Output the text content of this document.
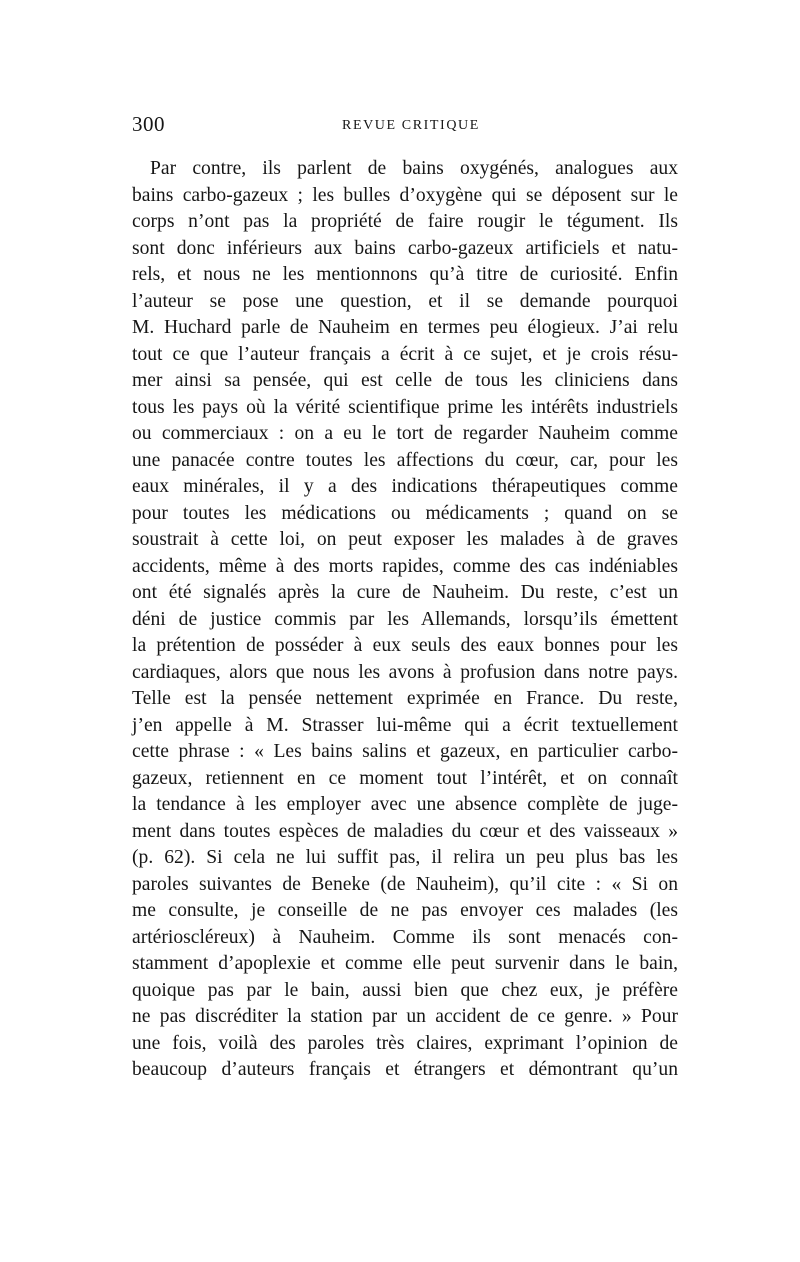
300	REVUE CRITIQUE
Par contre, ils parlent de bains oxygénés, analogues aux
bains carbo-gazeux ; les bulles d’oxygène qui se déposent sur le
corps n’ont pas la propriété de faire rougir le tégument. Ils
sont donc inférieurs aux bains carbo-gazeux artificiels et natu-
rels, et nous ne les mentionnons qu’à titre de curiosité. Enfin
l’auteur se pose une question, et il se demande pourquoi
M. Huchard parle de Nauheim en termes peu élogieux. J’ai relu
tout ce que l’auteur français a écrit à ce sujet, et je crois résu-
mer ainsi sa pensée, qui est celle de tous les cliniciens dans
tous les pays où la vérité scientifique prime les intérêts industriels
ou commerciaux : on a eu le tort de regarder Nauheim comme
une panacée contre toutes les affections du cœur, car, pour les
eaux minérales, il y a des indications thérapeutiques comme
pour toutes les médications ou médicaments ; quand on se
soustrait à cette loi, on peut exposer les malades à de graves
accidents, même à des morts rapides, comme des cas indéniables
ont été signalés après la cure de Nauheim. Du reste, c’est un
déni de justice commis par les Allemands, lorsqu’ils émettent
la prétention de posséder à eux seuls des eaux bonnes pour les
cardiaques, alors que nous les avons à profusion dans notre pays.
Telle est la pensée nettement exprimée en France. Du reste,
j’en appelle à M. Strasser lui-même qui a écrit textuellement
cette phrase : « Les bains salins et gazeux, en particulier carbo-
gazeux, retiennent en ce moment tout l’intérêt, et on connaît
la tendance à les employer avec une absence complète de juge-
ment dans toutes espèces de maladies du cœur et des vaisseaux »
(p. 62). Si cela ne lui suffit pas, il relira un peu plus bas les
paroles suivantes de Beneke (de Nauheim), qu’il cite : « Si on
me consulte, je conseille de ne pas envoyer ces malades (les
artérioscléreux) à Nauheim. Comme ils sont menacés con-
stamment d’apoplexie et comme elle peut survenir dans le bain,
quoique pas par le bain, aussi bien que chez eux, je préfère
ne pas discréditer la station par un accident de ce genre. » Pour
une fois, voilà des paroles très claires, exprimant l’opinion de
beaucoup d’auteurs français et étrangers et démontrant qu’un
